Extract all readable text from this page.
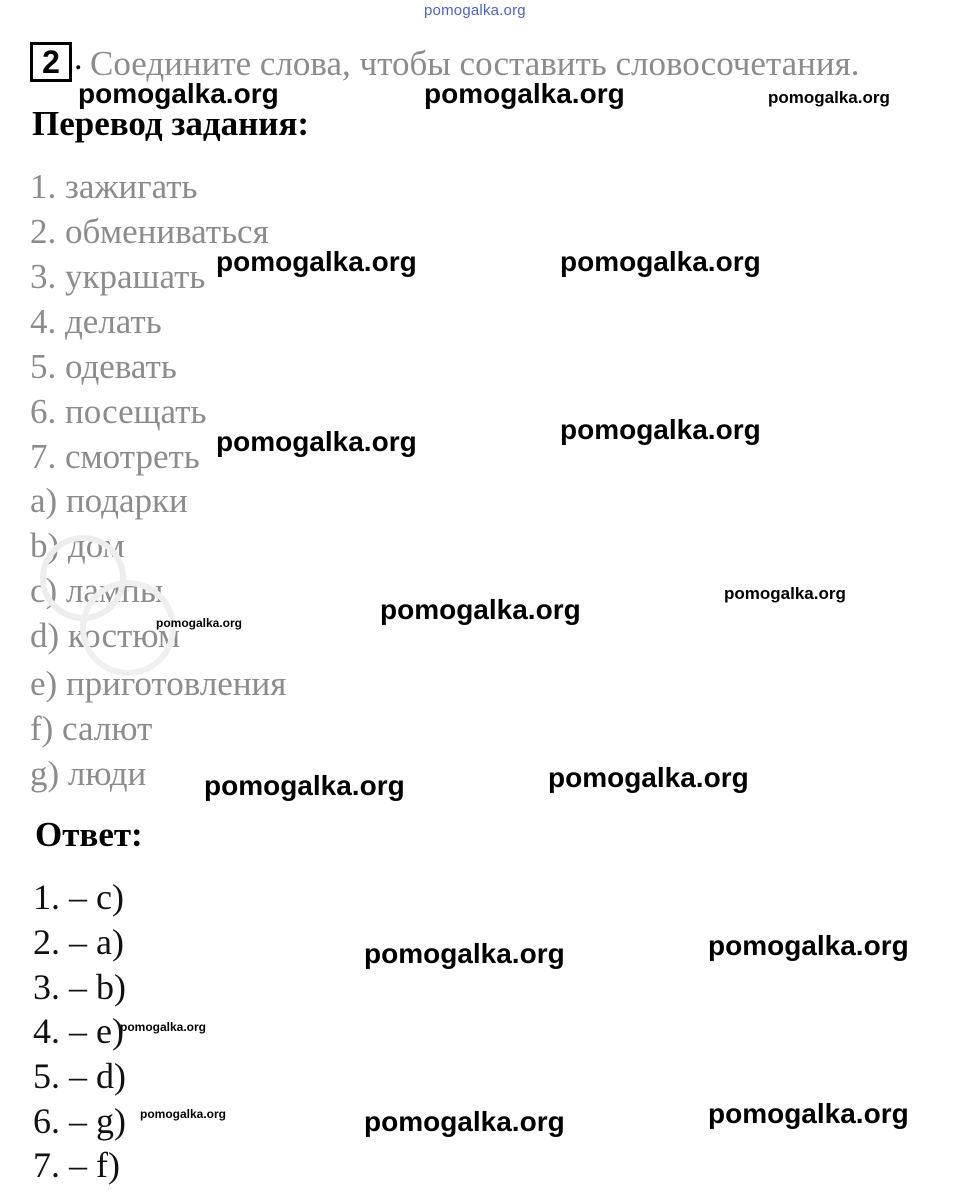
pomogalka.org
2 . Соедините слова, чтобы составить словосочетания.
Перевод задания:
1. зажигать
2. обмениваться
3. украшать
4. делать
5. одевать
6. посещать
7. смотреть
a) подарки
b) дом
c) лампы
d) костюм
e) приготовления
f) салют
g) люди
Ответ:
1. – c)
2. – a)
3. – b)
4. – e)
5. – d)
6. – g)
7. – f)
pomogalka.org	pomogalka.org	pomogalka.org
pomogalka.org	pomogalka.org
pomogalka.org	pomogalka.org
pomogalka.org
pomogalka.org
pomogalka.org
pomogalka.org	pomogalka.org
pomogalka.org	pomogalka.org
pomogalka.org
pomogalka.org	pomogalka.org	pomogalka.org
